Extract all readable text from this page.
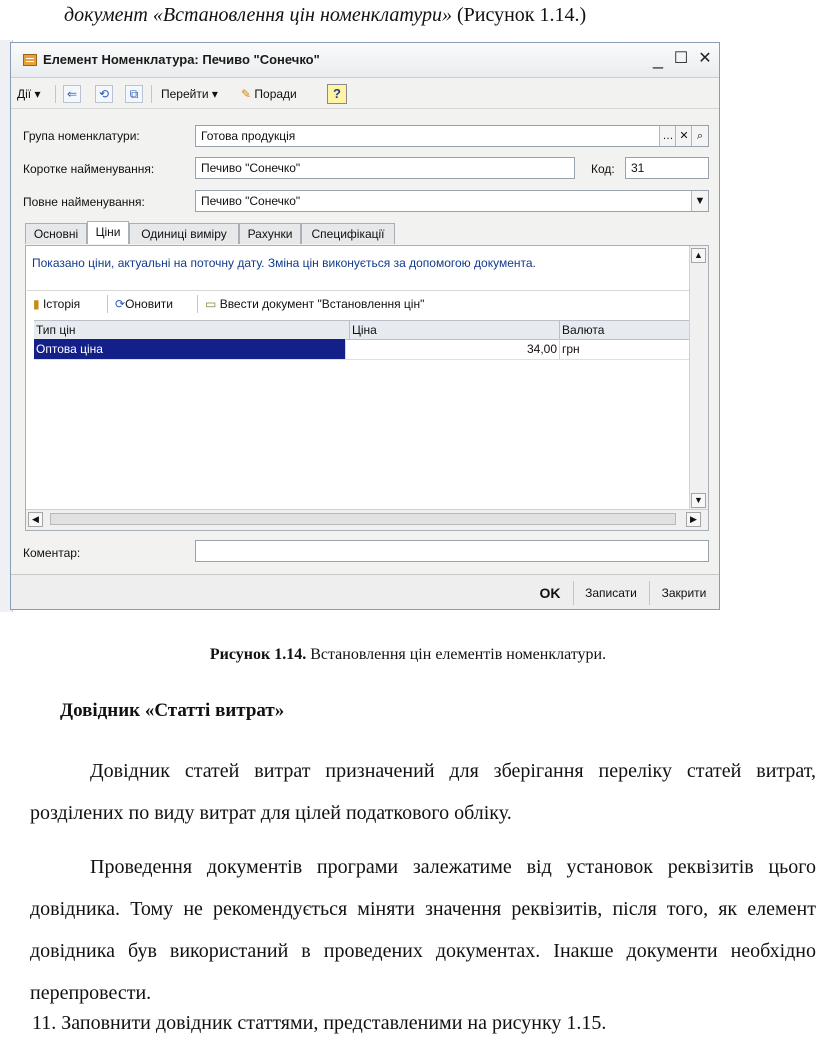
документ «Встановлення цін номенклатури» (Рисунок 1.14.)
Елемент Номенклатура: Печиво "Сонечко"	_ ☐ ✕
Дії ▾	⇐	⟲	⧉	Перейти ▾ ✎ Поради	?
Група номенклатури:	Готова продукція	… ✕ ⌕
Коротке найменування:	Печиво "Сонечко"	Код:	31
Повне найменування:	Печиво "Сонечко"	▼
Основні	Ціни	Одиниці виміру	Рахунки	Специфікації
Показано ціни, актуальні на поточну дату. Зміна цін виконується за допомогою документа.
▮ Історія	⟳Оновити	▭ Ввести документ "Встановлення цін"
Тип цін	Ціна	Валюта
Оптова ціна	34,00 грн
▲
▼
◀	▶
Коментар:
OK	Записати	Закрити
Рисунок 1.14. Встановлення цін елементів номенклатури.
Довідник «Статті витрат»
Довідник статей витрат призначений для зберігання переліку статей витрат, розділених по виду витрат для цілей податкового обліку.
Проведення документів програми залежатиме від установок реквізитів цього довідника. Тому не рекомендується міняти значення реквізитів, після того, як елемент довідника був використаний в проведених документах. Інакше документи необхідно перепровести.
11. Заповнити довідник статтями, представленими на рисунку 1.15.
